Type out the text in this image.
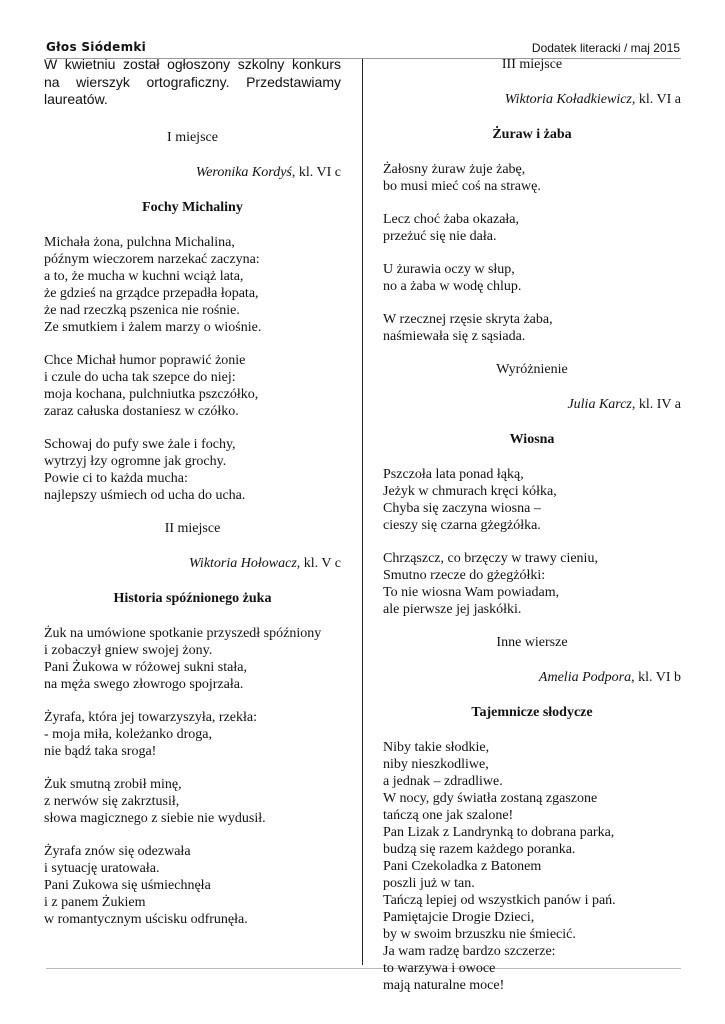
Głos Siódemki	Dodatek literacki / maj 2015
W kwietniu został ogłoszony szkolny konkurs na wierszyk ortograficzny. Przedstawiamy laureatów.
I miejsce
Weronika Kordyś, kl. VI c
Fochy Michaliny
Michała żona, pulchna Michalina,
późnym wieczorem narzekać zaczyna:
a to, że mucha w kuchni wciąż lata,
że gdzieś na grządce przepadła łopata,
że nad rzeczką pszenica nie rośnie.
Ze smutkiem i żalem marzy o wiośnie.
Chce Michał humor poprawić żonie
i czule do ucha tak szepce do niej:
moja kochana, pulchniutka pszczółko,
zaraz całuska dostaniesz w czółko.
Schowaj do pufy swe żale i fochy,
wytrzyj łzy ogromne jak grochy.
Powie ci to każda mucha:
najlepszy uśmiech od ucha do ucha.
II miejsce
Wiktoria Hołowacz, kl. V c
Historia spóźnionego żuka
Żuk na umówione spotkanie przyszedł spóźniony
i zobaczył gniew swojej żony.
Pani Żukowa w różowej sukni stała,
na męża swego złowrogo spojrzała.
Żyrafa, która jej towarzyszyła, rzekła:
- moja miła, koleżanko droga,
nie bądź taka sroga!
Żuk smutną zrobił minę,
z nerwów się zakrztusił,
słowa magicznego z siebie nie wydusił.
Żyrafa znów się odezwała
i sytuację uratowała.
Pani Zukowa się uśmiechnęła
i z panem Żukiem
w romantycznym uścisku odfrunęła.
III miejsce
Wiktoria Koładkiewicz, kl. VI a
Żuraw i żaba
Żałosny żuraw żuje żabę,
bo musi mieć coś na strawę.
Lecz choć żaba okazała,
przeżuć się nie dała.
U żurawia oczy w słup,
no a żaba w wodę chlup.
W rzecznej rzęsie skryta żaba,
naśmiewała się z sąsiada.
Wyróżnienie
Julia Karcz, kl. IV a
Wiosna
Pszczoła lata ponad łąką,
Jeżyk w chmurach kręci kółka,
Chyba się zaczyna wiosna –
cieszy się czarna gżegżółka.
Chrząszcz, co brzęczy w trawy cieniu,
Smutno rzecze do gżegżółki:
To nie wiosna Wam powiadam,
ale pierwsze jej jaskółki.
Inne wiersze
Amelia Podpora, kl. VI b
Tajemnicze słodycze
Niby takie słodkie,
niby nieszkodliwe,
a jednak – zdradliwe.
W nocy, gdy światła zostaną zgaszone
tańczą one jak szalone!
Pan Lizak z Landrynką to dobrana parka,
budzą się razem każdego poranka.
Pani Czekoladka z Batonem
poszli już w tan.
Tańczą lepiej od wszystkich panów i pań.
Pamiętajcie Drogie Dzieci,
by w swoim brzuszku nie śmiecić.
Ja wam radzę bardzo szczerze:
to warzywa i owoce
mają naturalne moce!
